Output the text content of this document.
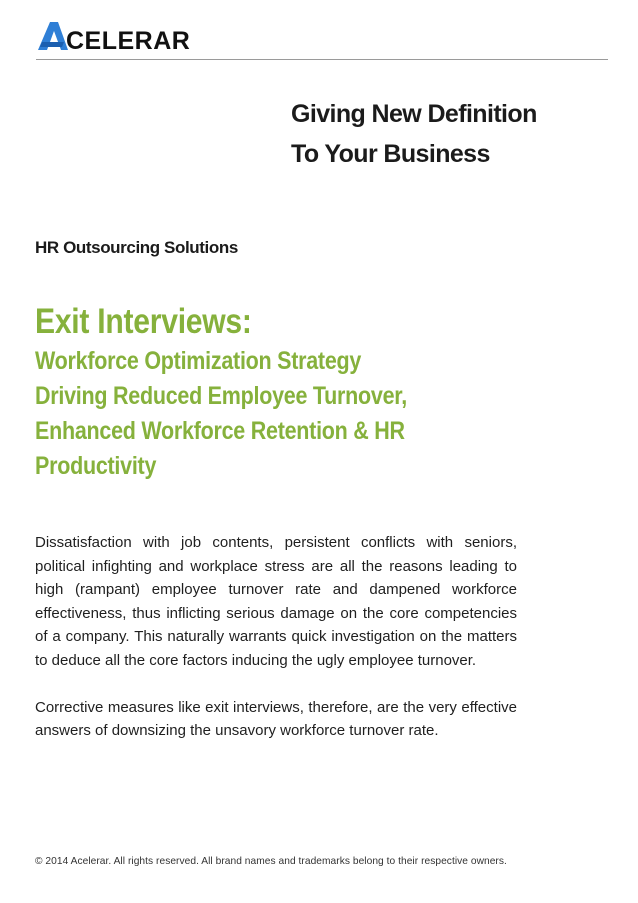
CELERAR
Giving New Definition
To Your Business
HR Outsourcing Solutions
Exit Interviews:
Workforce Optimization Strategy
Driving Reduced Employee Turnover,
Enhanced Workforce Retention & HR
Productivity

Dissatisfaction with job contents, persistent conflicts with seniors, political infighting and workplace stress are all the reasons leading to high (rampant) employee turnover rate and dampened workforce effectiveness, thus inflicting serious damage on the core competencies of a company. This naturally warrants quick investigation on the matters to deduce all the core factors inducing the ugly employee turnover.

Corrective measures like exit interviews, therefore, are the very effective answers of downsizing the unsavory workforce turnover rate.

© 2014 Acelerar. All rights reserved. All brand names and trademarks belong to their respective owners.
